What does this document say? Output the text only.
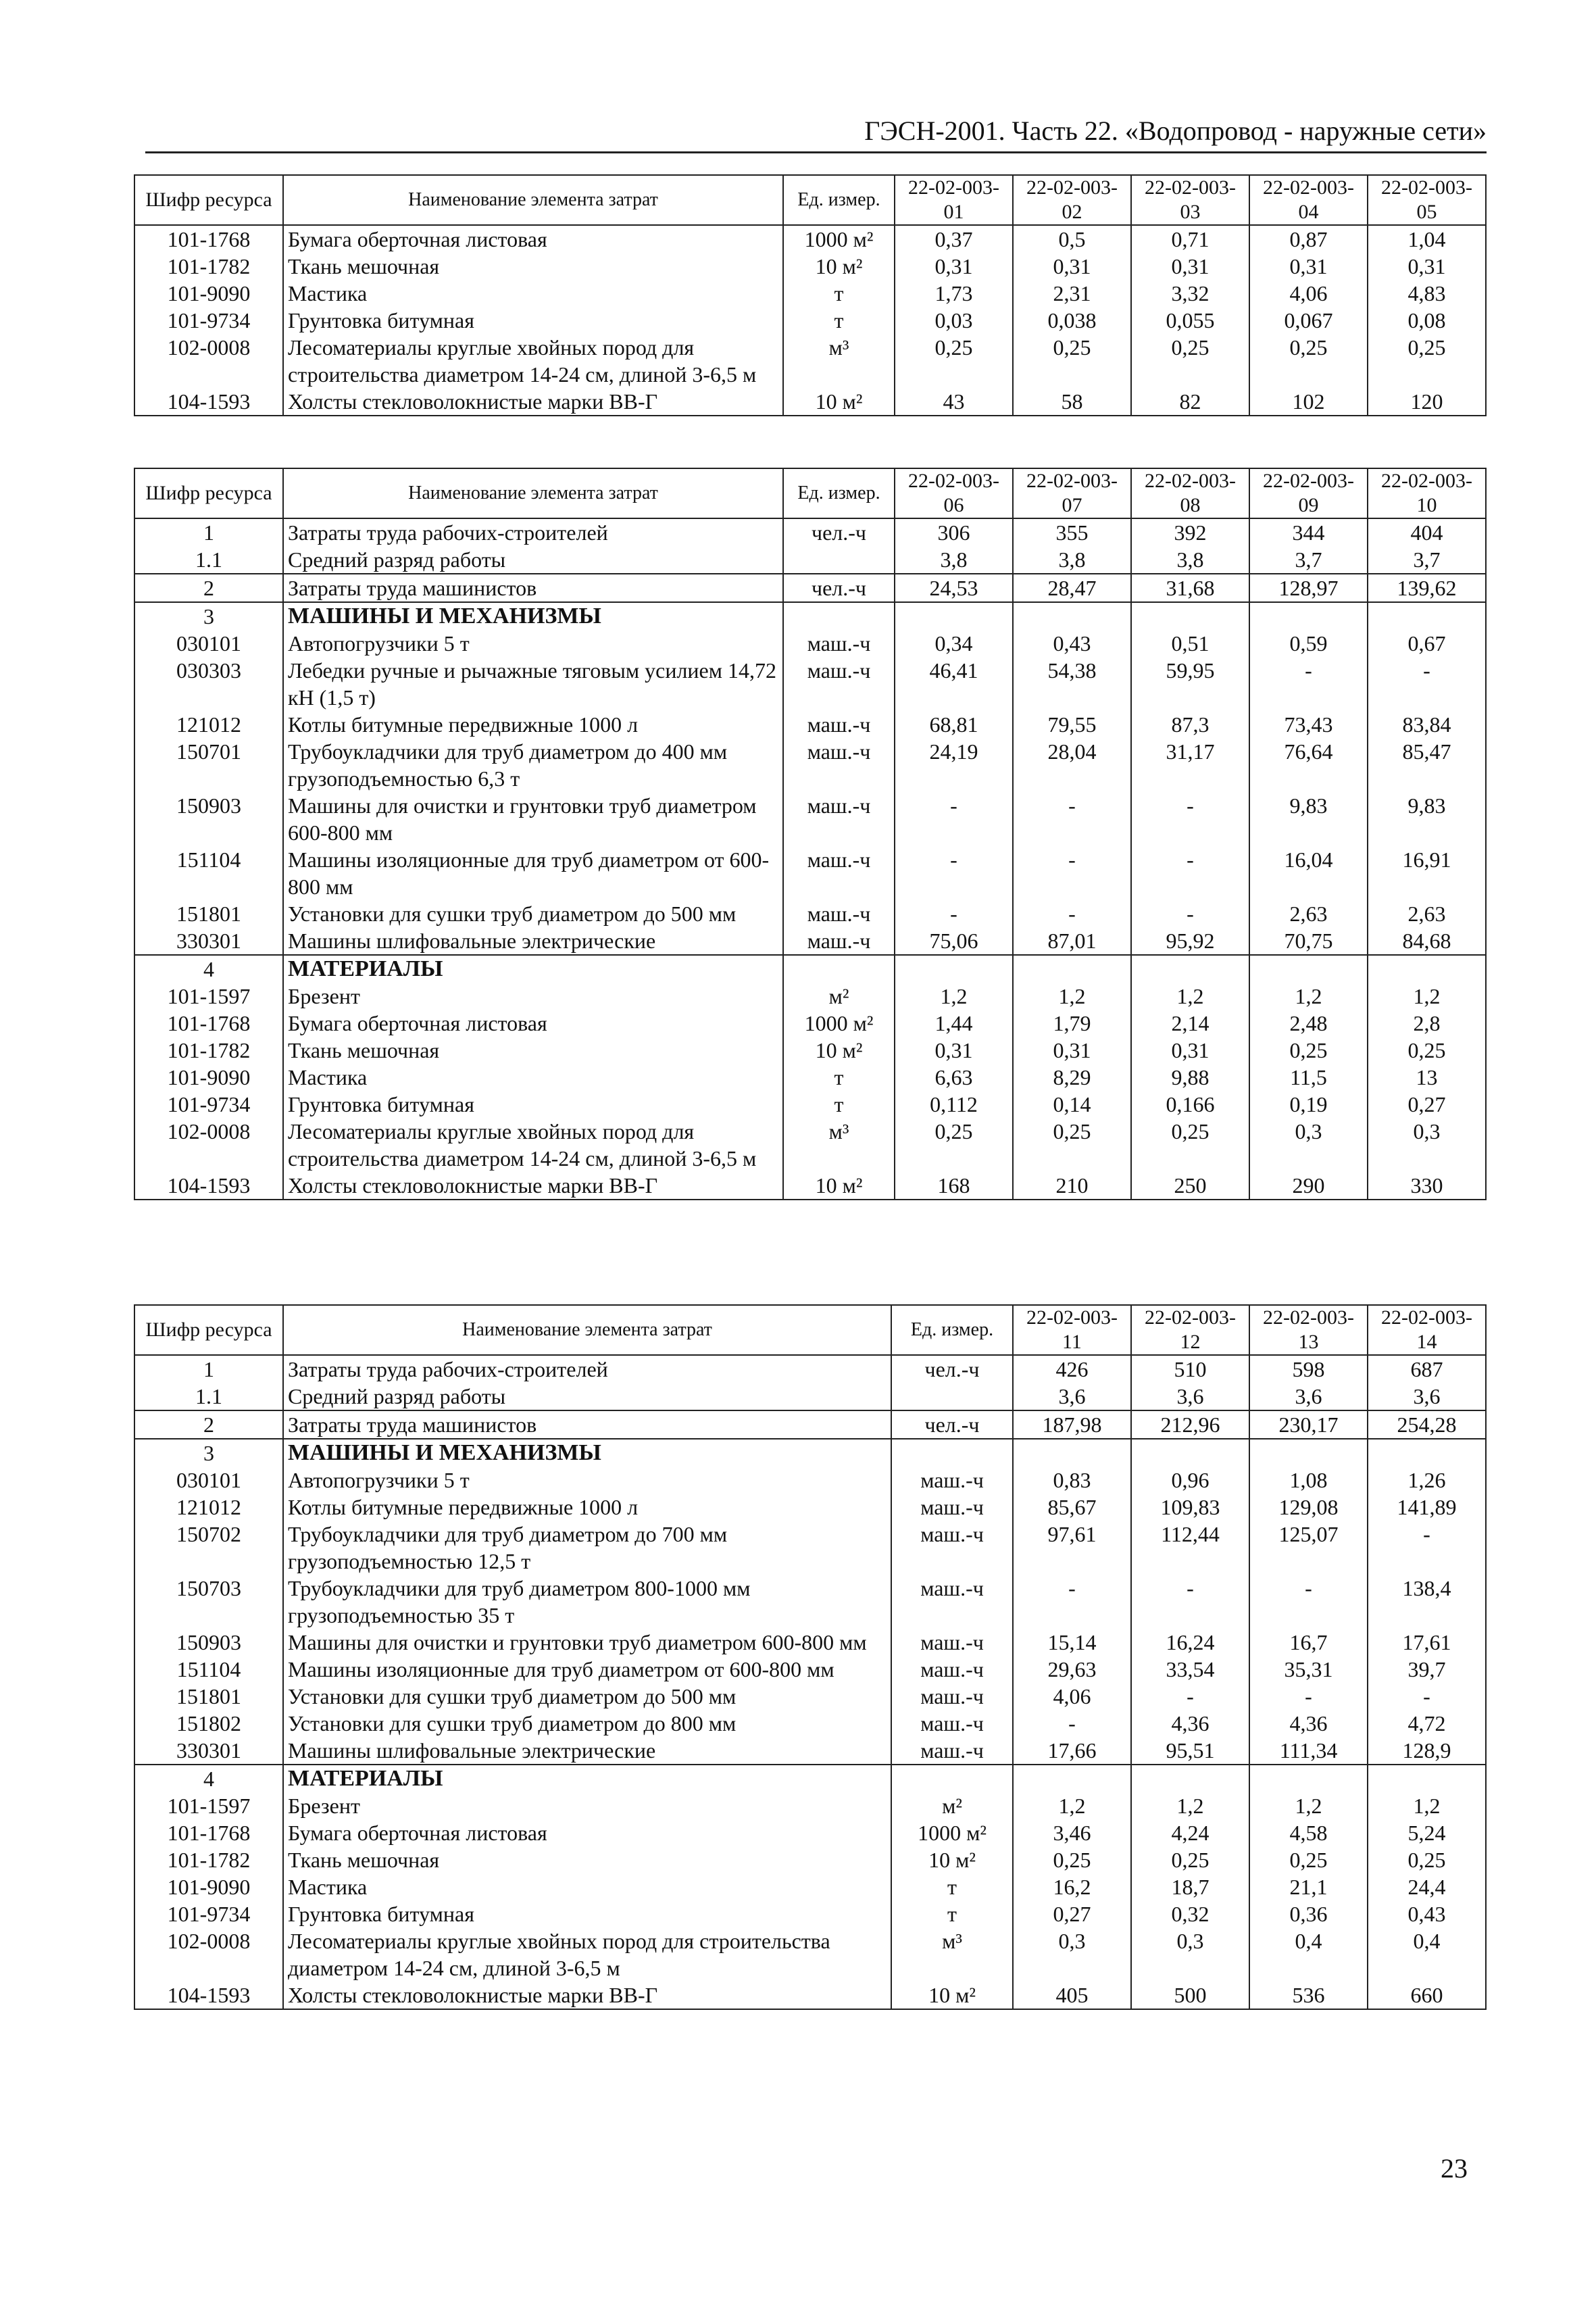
ГЭСН-2001. Часть 22. «Водопровод - наружные сети»
Шифр ресурса	Наименование элемента затрат	Ед. измер.	22-02-003-01	22-02-003-02	22-02-003-03	22-02-003-04	22-02-003-05
101-1768	Бумага оберточная листовая	1000 м²	0,37	0,5	0,71	0,87	1,04
101-1782	Ткань мешочная	10 м²	0,31	0,31	0,31	0,31	0,31
101-9090	Мастика	т	1,73	2,31	3,32	4,06	4,83
101-9734	Грунтовка битумная	т	0,03	0,038	0,055	0,067	0,08
102-0008	Лесоматериалы круглые хвойных пород для строительства диаметром 14-24 см, длиной 3-6,5 м	м³	0,25	0,25	0,25	0,25	0,25
104-1593	Холсты стекловолокнистые марки ВВ-Г	10 м²	43	58	82	102	120
Шифр ресурса	Наименование элемента затрат	Ед. измер.	22-02-003-06	22-02-003-07	22-02-003-08	22-02-003-09	22-02-003-10
1	Затраты труда рабочих-строителей	чел.-ч	306	355	392	344	404
1.1	Средний разряд работы		3,8	3,8	3,8	3,7	3,7
2	Затраты труда машинистов	чел.-ч	24,53	28,47	31,68	128,97	139,62
3	МАШИНЫ И МЕХАНИЗМЫ						
030101	Автопогрузчики 5 т	маш.-ч	0,34	0,43	0,51	0,59	0,67
030303	Лебедки ручные и рычажные тяговым усилием 14,72 кН (1,5 т)	маш.-ч	46,41	54,38	59,95	-	-
121012	Котлы битумные передвижные 1000 л	маш.-ч	68,81	79,55	87,3	73,43	83,84
150701	Трубоукладчики для труб диаметром до 400 мм грузоподъемностью 6,3 т	маш.-ч	24,19	28,04	31,17	76,64	85,47
150903	Машины для очистки и грунтовки труб диаметром 600-800 мм	маш.-ч	-	-	-	9,83	9,83
151104	Машины изоляционные для труб диаметром от 600-800 мм	маш.-ч	-	-	-	16,04	16,91
151801	Установки для сушки труб диаметром до 500 мм	маш.-ч	-	-	-	2,63	2,63
330301	Машины шлифовальные электрические	маш.-ч	75,06	87,01	95,92	70,75	84,68
4	МАТЕРИАЛЫ						
101-1597	Брезент	м²	1,2	1,2	1,2	1,2	1,2
101-1768	Бумага оберточная листовая	1000 м²	1,44	1,79	2,14	2,48	2,8
101-1782	Ткань мешочная	10 м²	0,31	0,31	0,31	0,25	0,25
101-9090	Мастика	т	6,63	8,29	9,88	11,5	13
101-9734	Грунтовка битумная	т	0,112	0,14	0,166	0,19	0,27
102-0008	Лесоматериалы круглые хвойных пород для строительства диаметром 14-24 см, длиной 3-6,5 м	м³	0,25	0,25	0,25	0,3	0,3
104-1593	Холсты стекловолокнистые марки ВВ-Г	10 м²	168	210	250	290	330
Шифр ресурса	Наименование элемента затрат	Ед. измер.	22-02-003-11	22-02-003-12	22-02-003-13	22-02-003-14
1	Затраты труда рабочих-строителей	чел.-ч	426	510	598	687
1.1	Средний разряд работы		3,6	3,6	3,6	3,6
2	Затраты труда машинистов	чел.-ч	187,98	212,96	230,17	254,28
3	МАШИНЫ И МЕХАНИЗМЫ					
030101	Автопогрузчики 5 т	маш.-ч	0,83	0,96	1,08	1,26
121012	Котлы битумные передвижные 1000 л	маш.-ч	85,67	109,83	129,08	141,89
150702	Трубоукладчики для труб диаметром до 700 мм грузоподъемностью 12,5 т	маш.-ч	97,61	112,44	125,07	-
150703	Трубоукладчики для труб диаметром 800-1000 мм грузоподъемностью 35 т	маш.-ч	-	-	-	138,4
150903	Машины для очистки и грунтовки труб диаметром 600-800 мм	маш.-ч	15,14	16,24	16,7	17,61
151104	Машины изоляционные для труб диаметром от 600-800 мм	маш.-ч	29,63	33,54	35,31	39,7
151801	Установки для сушки труб диаметром до 500 мм	маш.-ч	4,06	-	-	-
151802	Установки для сушки труб диаметром до 800 мм	маш.-ч	-	4,36	4,36	4,72
330301	Машины шлифовальные электрические	маш.-ч	17,66	95,51	111,34	128,9
4	МАТЕРИАЛЫ					
101-1597	Брезент	м²	1,2	1,2	1,2	1,2
101-1768	Бумага оберточная листовая	1000 м²	3,46	4,24	4,58	5,24
101-1782	Ткань мешочная	10 м²	0,25	0,25	0,25	0,25
101-9090	Мастика	т	16,2	18,7	21,1	24,4
101-9734	Грунтовка битумная	т	0,27	0,32	0,36	0,43
102-0008	Лесоматериалы круглые хвойных пород для строительства диаметром 14-24 см, длиной 3-6,5 м	м³	0,3	0,3	0,4	0,4
104-1593	Холсты стекловолокнистые марки ВВ-Г	10 м²	405	500	536	660
23
